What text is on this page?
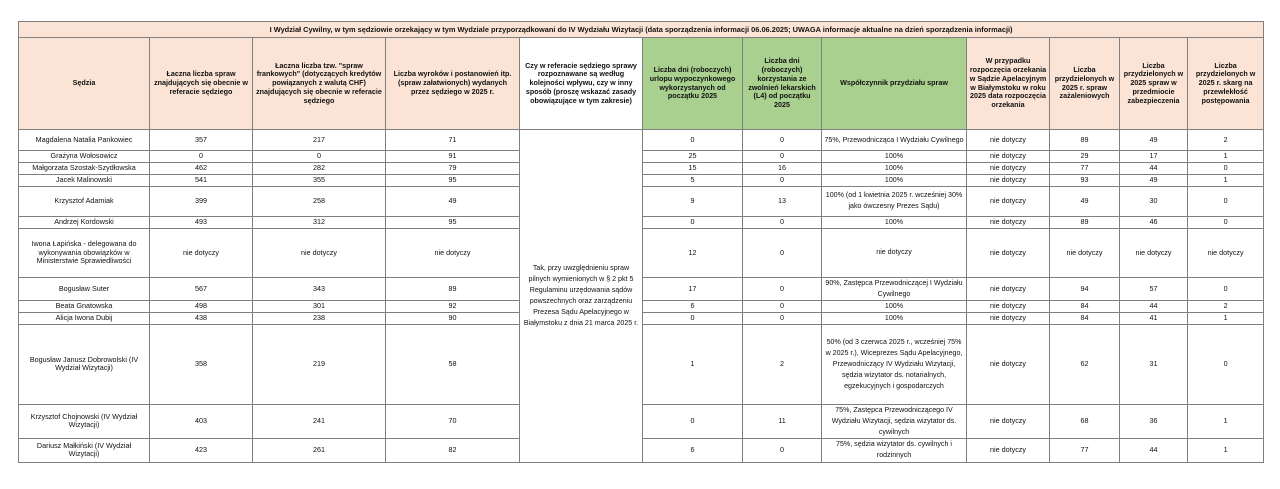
I Wydział Cywilny, w tym sędziowie orzekający w tym Wydziale przyporządkowani do IV Wydziału Wizytacji (data sporządzenia informacji 06.06.2025; UWAGA informacje aktualne na dzień sporządzenia informacji)											
Sędzia	Łaczna liczba spraw znajdujących się obecnie w referacie sędziego	Łaczna liczba tzw. "spraw frankowych" (dotyczących kredytów powiązanych z walutą CHF) znajdujących się obecnie w referacie sędziego	Liczba wyroków i postanowień itp.(spraw załatwionych) wydanych przez sędziego w 2025 r.	Czy w referacie sędziego sprawy rozpoznawane są według kolejności wpływu, czy w inny sposób (proszę wskazać zasady obowiązujące w tym zakresie)	Liczba dni (roboczych) urlopu wypoczynkowego wykorzystanych od początku 2025	Liczba dni (roboczych) korzystania ze zwolnień lekarskich (L4) od początku 2025	Współczynnik przydziału spraw	W przypadku rozpoczęcia orzekania w Sądzie Apelacyjnym w Białymstoku w roku 2025 data rozpoczęcia orzekania	Liczba przydzielonych w 2025 r. spraw zażaleniowych	Liczba przydzielonych w 2025 spraw w przedmiocie zabezpieczenia	Liczba przydzielonych w 2025 r. skarg na przewlekłość postępowania
Magdalena Natalia Pankowiec	357	217	71	Tak, przy uwzględnieniu spraw pilnych wymienionych w § 2 pkt 5 Regulaminu urzędowania sądów powszechnych oraz zarządzeniu Prezesa Sądu Apelacyjnego w Białymstoku z dnia 21 marca 2025 r.	0	0	75%, Przewodnicząca I Wydziału Cywilnego	nie dotyczy	89	49	2
Grażyna Wołosowicz	0	0	91		25	0	100%	nie dotyczy	29	17	1
Małgorzata Szostak-Szydłowska	462	282	79		15	16	100%	nie dotyczy	77	44	0
Jacek Malinowski	541	355	95		5	0	100%	nie dotyczy	93	49	1
Krzysztof Adamiak	399	258	49		9	13	100% (od 1 kwietnia 2025 r. wcześniej 30% jako ówczesny Prezes Sądu)	nie dotyczy	49	30	0
Andrzej Kordowski	493	312	95		0	0	100%	nie dotyczy	89	46	0
Iwona Łapińska - delegowana do wykonywania obowiązków w Ministerstwie Sprawiedliwości	nie dotyczy	nie dotyczy	nie dotyczy		12	0	nie dotyczy	nie dotyczy	nie dotyczy	nie dotyczy	nie dotyczy
Bogusław Suter	567	343	89		17	0	90%, Zastępca Przewodniczącej I Wydziału Cywilnego	nie dotyczy	94	57	0
Beata Gnatowska	498	301	92		6	0	100%	nie dotyczy	84	44	2
Alicja Iwona Dubij	438	238	90		0	0	100%	nie dotyczy	84	41	1
Bogusław Janusz Dobrowolski (IV Wydział Wizytacji)	358	219	58		1	2	50% (od 3 czerwca 2025 r., wcześniej 75% w 2025 r.), Wiceprezes Sądu Apelacyjnego, Przewodniczący IV Wydziału Wizytacji, sędzia wizytator ds. notarialnych, egzekucyjnych i gospodarczych	nie dotyczy	62	31	0
Krzysztof Chojnowski (IV Wydział Wizytacji)	403	241	70		0	11	75%, Zastępca Przewodniczącego IV Wydziału Wizytacji, sędzia wizytator ds. cywilnych	nie dotyczy	68	36	1
Dariusz Małkiński (IV Wydział Wizytacji)	423	261	82		6	0	75%, sędzia wizytator ds. cywilnych i rodzinnych	nie dotyczy	77	44	1
